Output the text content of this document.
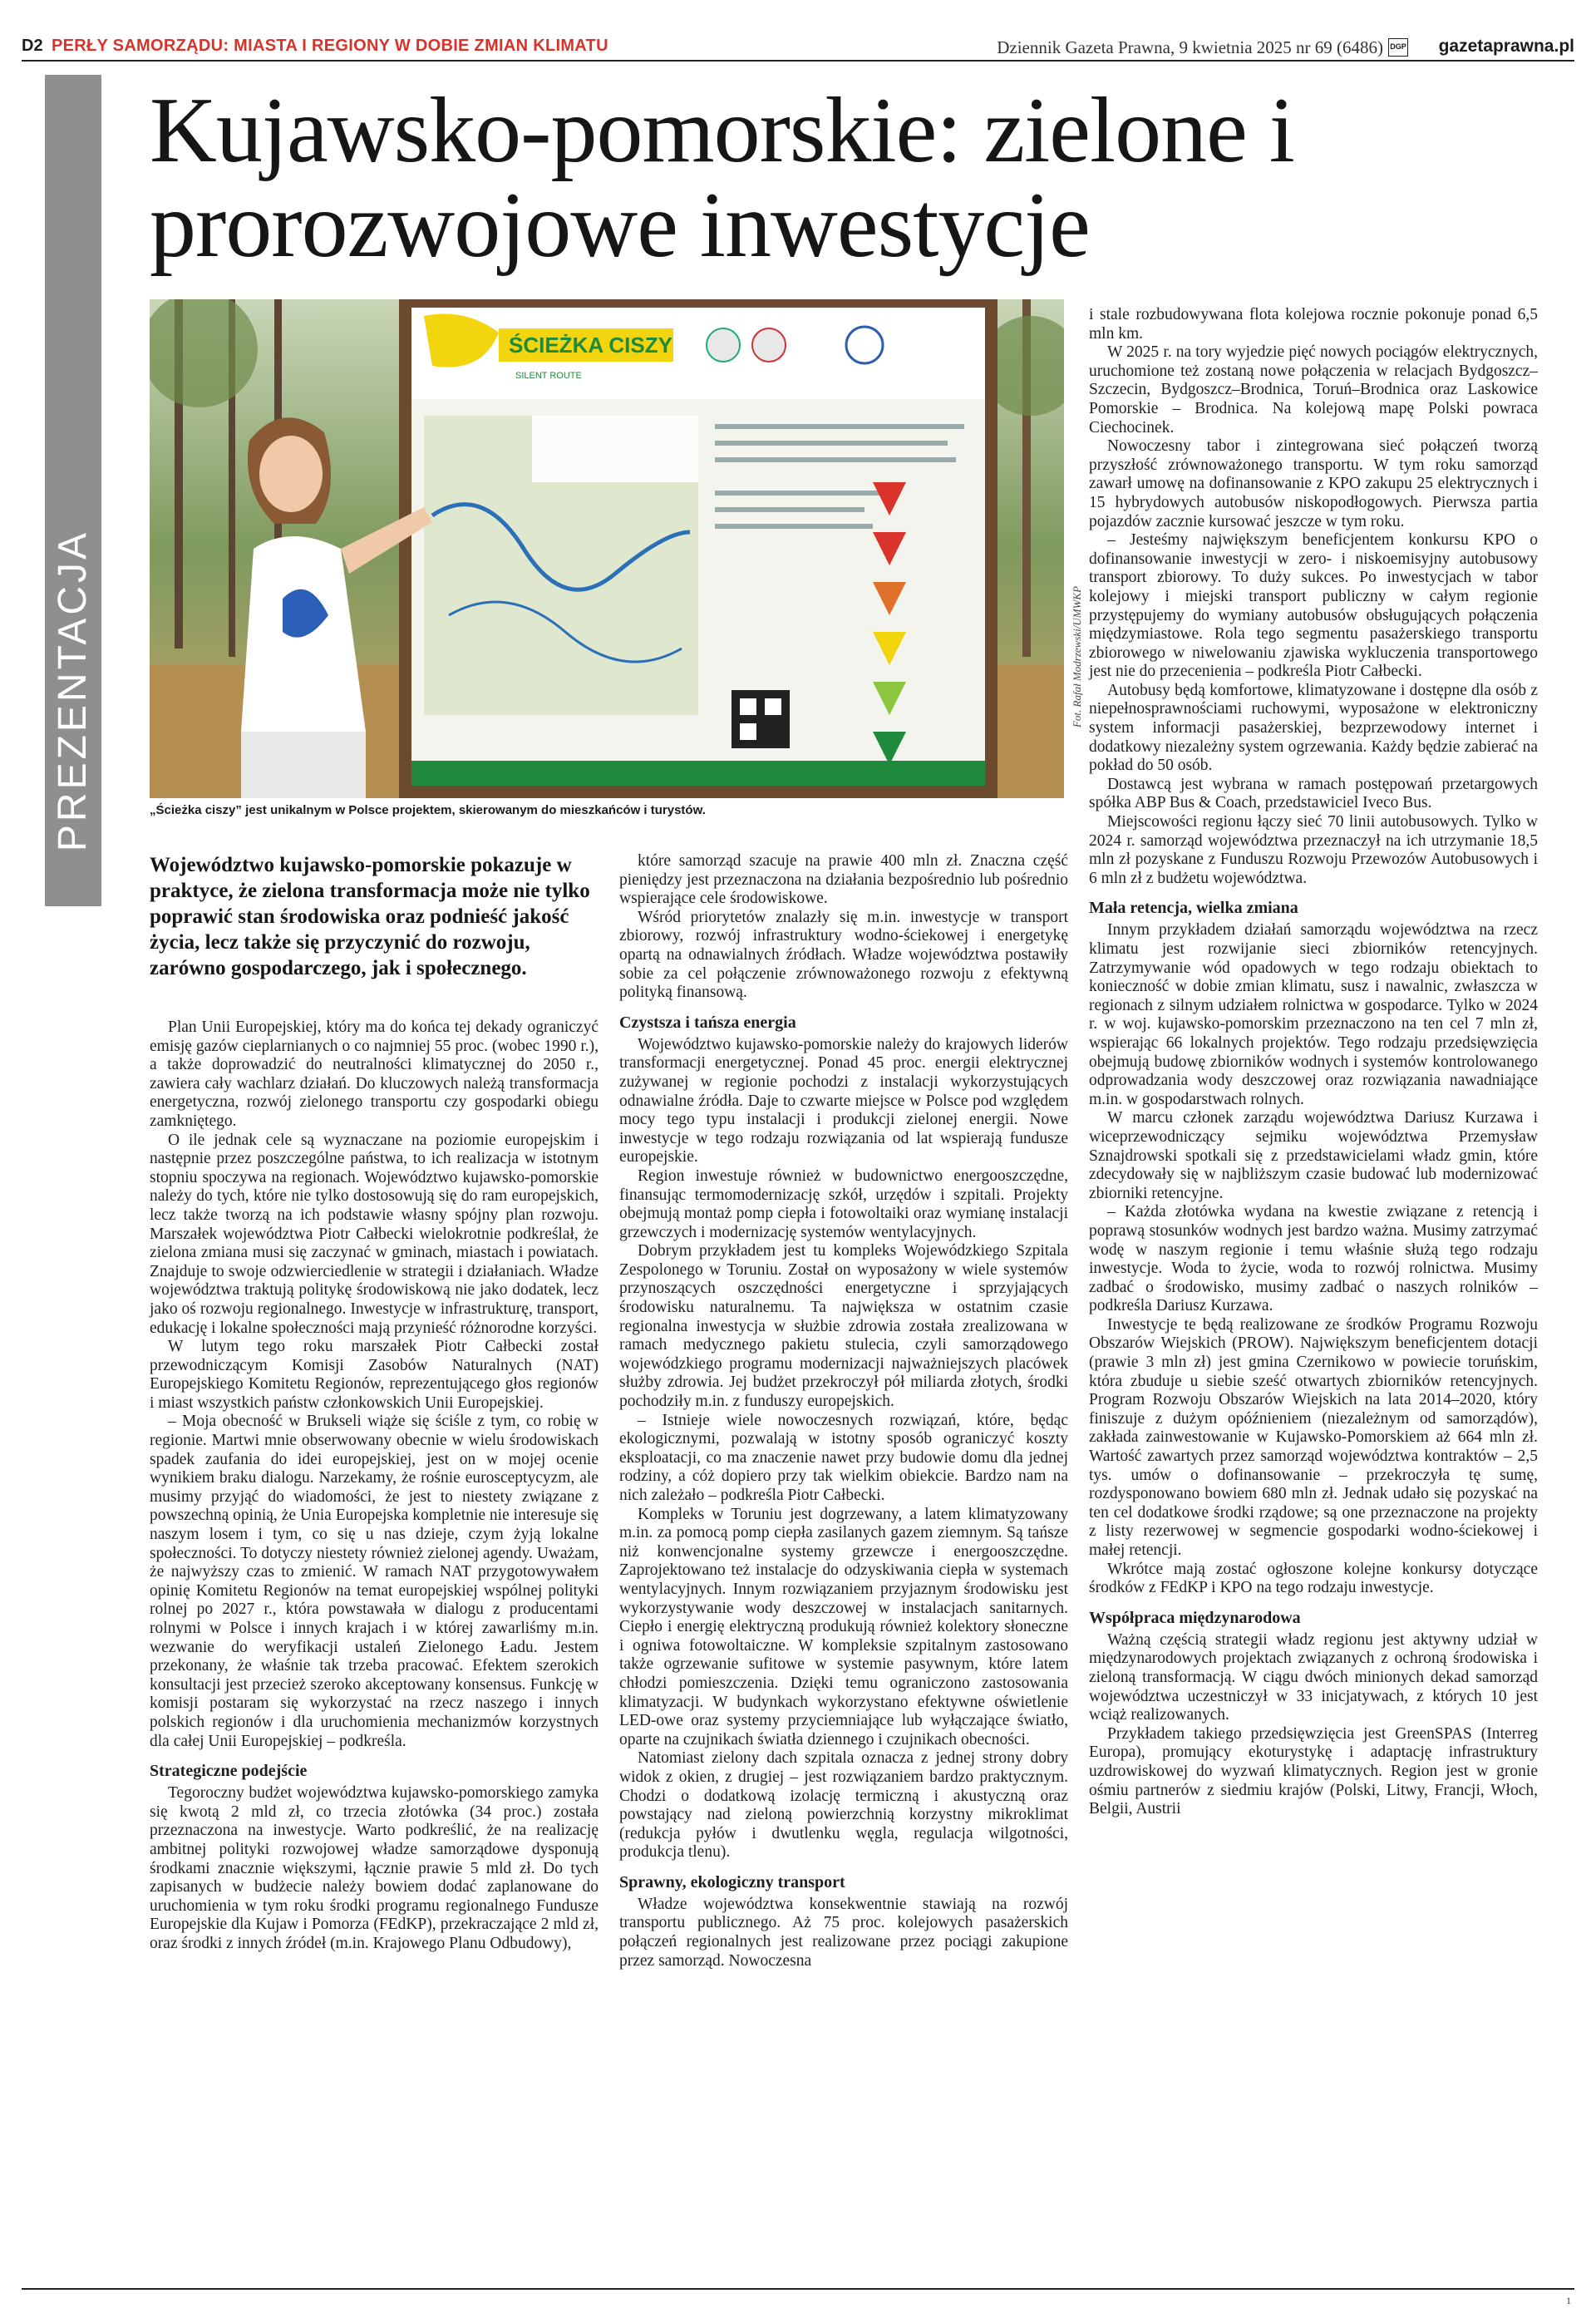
D2 PERŁY SAMORZĄDU: MIASTA I REGIONY W DOBIE ZMIAN KLIMATU	Dziennik Gazeta Prawna, 9 kwietnia 2025 nr 69 (6486) DGP gazetaprawna.pl
PREZENTACJA
Kujawsko-pomorskie: zielone i prorozwojowe inwestycje
ŚCIEŻKA CISZY
SILENT ROUTE
Fot. Rafał Modrzewski/UMWKP
„Ścieżka ciszy” jest unikalnym w Polsce projektem, skierowanym do mieszkańców i turystów.

Województwo kujawsko-pomorskie pokazuje w praktyce, że zielona transformacja może nie tylko poprawić stan środowiska oraz podnieść jakość życia, lecz także się przyczynić do rozwoju, zarówno gospodarczego, jak i społecznego.

Plan Unii Europejskiej, który ma do końca tej dekady ograniczyć emisję gazów cieplarnianych o co najmniej 55 proc. (wobec 1990 r.), a także doprowadzić do neutralności klimatycznej do 2050 r., zawiera cały wachlarz działań. Do kluczowych należą transformacja energetyczna, rozwój zielonego transportu czy gospodarki obiegu zamkniętego.

O ile jednak cele są wyznaczane na poziomie europejskim i następnie przez poszczególne państwa, to ich realizacja w istotnym stopniu spoczywa na regionach. Województwo kujawsko-pomorskie należy do tych, które nie tylko dostosowują się do ram europejskich, lecz także tworzą na ich podstawie własny spójny plan rozwoju. Marszałek województwa Piotr Całbecki wielokrotnie podkreślał, że zielona zmiana musi się zaczynać w gminach, miastach i powiatach. Znajduje to swoje odzwierciedlenie w strategii i działaniach. Władze województwa traktują politykę środowiskową nie jako dodatek, lecz jako oś rozwoju regionalnego. Inwestycje w infrastrukturę, transport, edukację i lokalne społeczności mają przynieść różnorodne korzyści.

W lutym tego roku marszałek Piotr Całbecki został przewodniczącym Komisji Zasobów Naturalnych (NAT) Europejskiego Komitetu Regionów, reprezentującego głos regionów i miast wszystkich państw członkowskich Unii Europejskiej.

– Moja obecność w Brukseli wiąże się ściśle z tym, co robię w regionie. Martwi mnie obserwowany obecnie w wielu środowiskach spadek zaufania do idei europejskiej, jest on w mojej ocenie wynikiem braku dialogu. Narzekamy, że rośnie eurosceptycyzm, ale musimy przyjąć do wiadomości, że jest to niestety związane z powszechną opinią, że Unia Europejska kompletnie nie interesuje się naszym losem i tym, co się u nas dzieje, czym żyją lokalne społeczności. To dotyczy niestety również zielonej agendy. Uważam, że najwyższy czas to zmienić. W ramach NAT przygotowywałem opinię Komitetu Regionów na temat europejskiej wspólnej polityki rolnej po 2027 r., która powstawała w dialogu z producentami rolnymi w Polsce i innych krajach i w której zawarliśmy m.in. wezwanie do weryfikacji ustaleń Zielonego Ładu. Jestem przekonany, że właśnie tak trzeba pracować. Efektem szerokich konsultacji jest przecież szeroko akceptowany konsensus. Funkcję w komisji postaram się wykorzystać na rzecz naszego i innych polskich regionów i dla uruchomienia mechanizmów korzystnych dla całej Unii Europejskiej – podkreśla.

Strategiczne podejście

Tegoroczny budżet województwa kujawsko-pomorskiego zamyka się kwotą 2 mld zł, co trzecia złotówka (34 proc.) została przeznaczona na inwestycje. Warto podkreślić, że na realizację ambitnej polityki rozwojowej władze samorządowe dysponują środkami znacznie większymi, łącznie prawie 5 mld zł. Do tych zapisanych w budżecie należy bowiem dodać zaplanowane do uruchomienia w tym roku środki programu regionalnego Fundusze Europejskie dla Kujaw i Pomorza (FEdKP), przekraczające 2 mld zł, oraz środki z innych źródeł (m.in. Krajowego Planu Odbudowy),

które samorząd szacuje na prawie 400 mln zł. Znaczna część pieniędzy jest przeznaczona na działania bezpośrednio lub pośrednio wspierające cele środowiskowe.

Wśród priorytetów znalazły się m.in. inwestycje w transport zbiorowy, rozwój infrastruktury wodno-ściekowej i energetykę opartą na odnawialnych źródłach. Władze województwa postawiły sobie za cel połączenie zrównoważonego rozwoju z efektywną polityką finansową.

Czystsza i tańsza energia

Województwo kujawsko-pomorskie należy do krajowych liderów transformacji energetycznej. Ponad 45 proc. energii elektrycznej zużywanej w regionie pochodzi z instalacji wykorzystujących odnawialne źródła. Daje to czwarte miejsce w Polsce pod względem mocy tego typu instalacji i produkcji zielonej energii. Nowe inwestycje w tego rodzaju rozwiązania od lat wspierają fundusze europejskie.

Region inwestuje również w budownictwo energooszczędne, finansując termomodernizację szkół, urzędów i szpitali. Projekty obejmują montaż pomp ciepła i fotowoltaiki oraz wymianę instalacji grzewczych i modernizację systemów wentylacyjnych.

Dobrym przykładem jest tu kompleks Wojewódzkiego Szpitala Zespolonego w Toruniu. Został on wyposażony w wiele systemów przynoszących oszczędności energetyczne i sprzyjających środowisku naturalnemu. Ta największa w ostatnim czasie regionalna inwestycja w służbie zdrowia została zrealizowana w ramach medycznego pakietu stulecia, czyli samorządowego wojewódzkiego programu modernizacji najważniejszych placówek służby zdrowia. Jej budżet przekroczył pół miliarda złotych, środki pochodziły m.in. z funduszy europejskich.

– Istnieje wiele nowoczesnych rozwiązań, które, będąc ekologicznymi, pozwalają w istotny sposób ograniczyć koszty eksploatacji, co ma znaczenie nawet przy budowie domu dla jednej rodziny, a cóż dopiero przy tak wielkim obiekcie. Bardzo nam na nich zależało – podkreśla Piotr Całbecki.

Kompleks w Toruniu jest dogrzewany, a latem klimatyzowany m.in. za pomocą pomp ciepła zasilanych gazem ziemnym. Są tańsze niż konwencjonalne systemy grzewcze i energooszczędne. Zaprojektowano też instalacje do odzyskiwania ciepła w systemach wentylacyjnych. Innym rozwiązaniem przyjaznym środowisku jest wykorzystywanie wody deszczowej w instalacjach sanitarnych. Ciepło i energię elektryczną produkują również kolektory słoneczne i ogniwa fotowoltaiczne. W kompleksie szpitalnym zastosowano także ogrzewanie sufitowe w systemie pasywnym, które latem chłodzi pomieszczenia. Dzięki temu ograniczono zastosowania klimatyzacji. W budynkach wykorzystano efektywne oświetlenie LED-owe oraz systemy przyciemniające lub wyłączające światło, oparte na czujnikach światła dziennego i czujnikach obecności.

Natomiast zielony dach szpitala oznacza z jednej strony dobry widok z okien, z drugiej – jest rozwiązaniem bardzo praktycznym. Chodzi o dodatkową izolację termiczną i akustyczną oraz powstający nad zieloną powierzchnią korzystny mikroklimat (redukcja pyłów i dwutlenku węgla, regulacja wilgotności, produkcja tlenu).

Sprawny, ekologiczny transport

Władze województwa konsekwentnie stawiają na rozwój transportu publicznego. Aż 75 proc. kolejowych pasażerskich połączeń regionalnych jest realizowane przez pociągi zakupione przez samorząd. Nowoczesna

i stale rozbudowywana flota kolejowa rocznie pokonuje ponad 6,5 mln km.

W 2025 r. na tory wyjedzie pięć nowych pociągów elektrycznych, uruchomione też zostaną nowe połączenia w relacjach Bydgoszcz–Szczecin, Bydgoszcz–Brodnica, Toruń–Brodnica oraz Laskowice Pomorskie – Brodnica. Na kolejową mapę Polski powraca Ciechocinek.

Nowoczesny tabor i zintegrowana sieć połączeń tworzą przyszłość zrównoważonego transportu. W tym roku samorząd zawarł umowę na dofinansowanie z KPO zakupu 25 elektrycznych i 15 hybrydowych autobusów niskopodłogowych. Pierwsza partia pojazdów zacznie kursować jeszcze w tym roku.

– Jesteśmy największym beneficjentem konkursu KPO o dofinansowanie inwestycji w zero- i niskoemisyjny autobusowy transport zbiorowy. To duży sukces. Po inwestycjach w tabor kolejowy i miejski transport publiczny w całym regionie przystępujemy do wymiany autobusów obsługujących połączenia międzymiastowe. Rola tego segmentu pasażerskiego transportu zbiorowego w niwelowaniu zjawiska wykluczenia transportowego jest nie do przecenienia – podkreśla Piotr Całbecki.

Autobusy będą komfortowe, klimatyzowane i dostępne dla osób z niepełnosprawnościami ruchowymi, wyposażone w elektroniczny system informacji pasażerskiej, bezprzewodowy internet i dodatkowy niezależny system ogrzewania. Każdy będzie zabierać na pokład do 50 osób.

Dostawcą jest wybrana w ramach postępowań przetargowych spółka ABP Bus & Coach, przedstawiciel Iveco Bus.

Miejscowości regionu łączy sieć 70 linii autobusowych. Tylko w 2024 r. samorząd województwa przeznaczył na ich utrzymanie 18,5 mln zł pozyskane z Funduszu Rozwoju Przewozów Autobusowych i 6 mln zł z budżetu województwa.

Mała retencja, wielka zmiana

Innym przykładem działań samorządu województwa na rzecz klimatu jest rozwijanie sieci zbiorników retencyjnych. Zatrzymywanie wód opadowych w tego rodzaju obiektach to konieczność w dobie zmian klimatu, susz i nawalnic, zwłaszcza w regionach z silnym udziałem rolnictwa w gospodarce. Tylko w 2024 r. w woj. kujawsko-pomorskim przeznaczono na ten cel 7 mln zł, wspierając 66 lokalnych projektów. Tego rodzaju przedsięwzięcia obejmują budowę zbiorników wodnych i systemów kontrolowanego odprowadzania wody deszczowej oraz rozwiązania nawadniające m.in. w gospodarstwach rolnych.

W marcu członek zarządu województwa Dariusz Kurzawa i wiceprzewodniczący sejmiku województwa Przemysław Sznajdrowski spotkali się z przedstawicielami władz gmin, które zdecydowały się w najbliższym czasie budować lub modernizować zbiorniki retencyjne.

– Każda złotówka wydana na kwestie związane z retencją i poprawą stosunków wodnych jest bardzo ważna. Musimy zatrzymać wodę w naszym regionie i temu właśnie służą tego rodzaju inwestycje. Woda to życie, woda to rozwój rolnictwa. Musimy zadbać o środowisko, musimy zadbać o naszych rolników – podkreśla Dariusz Kurzawa.

Inwestycje te będą realizowane ze środków Programu Rozwoju Obszarów Wiejskich (PROW). Największym beneficjentem dotacji (prawie 3 mln zł) jest gmina Czernikowo w powiecie toruńskim, która zbuduje u siebie sześć otwartych zbiorników retencyjnych. Program Rozwoju Obszarów Wiejskich na lata 2014–2020, który finiszuje z dużym opóźnieniem (niezależnym od samorządów), zakłada zainwestowanie w Kujawsko-Pomorskiem aż 664 mln zł. Wartość zawartych przez samorząd województwa kontraktów – 2,5 tys. umów o dofinansowanie – przekroczyła tę sumę, rozdysponowano bowiem 680 mln zł. Jednak udało się pozyskać na ten cel dodatkowe środki rządowe; są one przeznaczone na projekty z listy rezerwowej w segmencie gospodarki wodno-ściekowej i małej retencji.

Wkrótce mają zostać ogłoszone kolejne konkursy dotyczące środków z FEdKP i KPO na tego rodzaju inwestycje.

Współpraca międzynarodowa

Ważną częścią strategii władz regionu jest aktywny udział w międzynarodowych projektach związanych z ochroną środowiska i zieloną transformacją. W ciągu dwóch minionych dekad samorząd województwa uczestniczył w 33 inicjatywach, z których 10 jest wciąż realizowanych.

Przykładem takiego przedsięwzięcia jest GreenSPAS (Interreg Europa), promujący ekoturystykę i adaptację infrastruktury uzdrowiskowej do wyzwań klimatycznych. Region jest w gronie ośmiu partnerów z siedmiu krajów (Polski, Litwy, Francji, Włoch, Belgii, Austrii

1
